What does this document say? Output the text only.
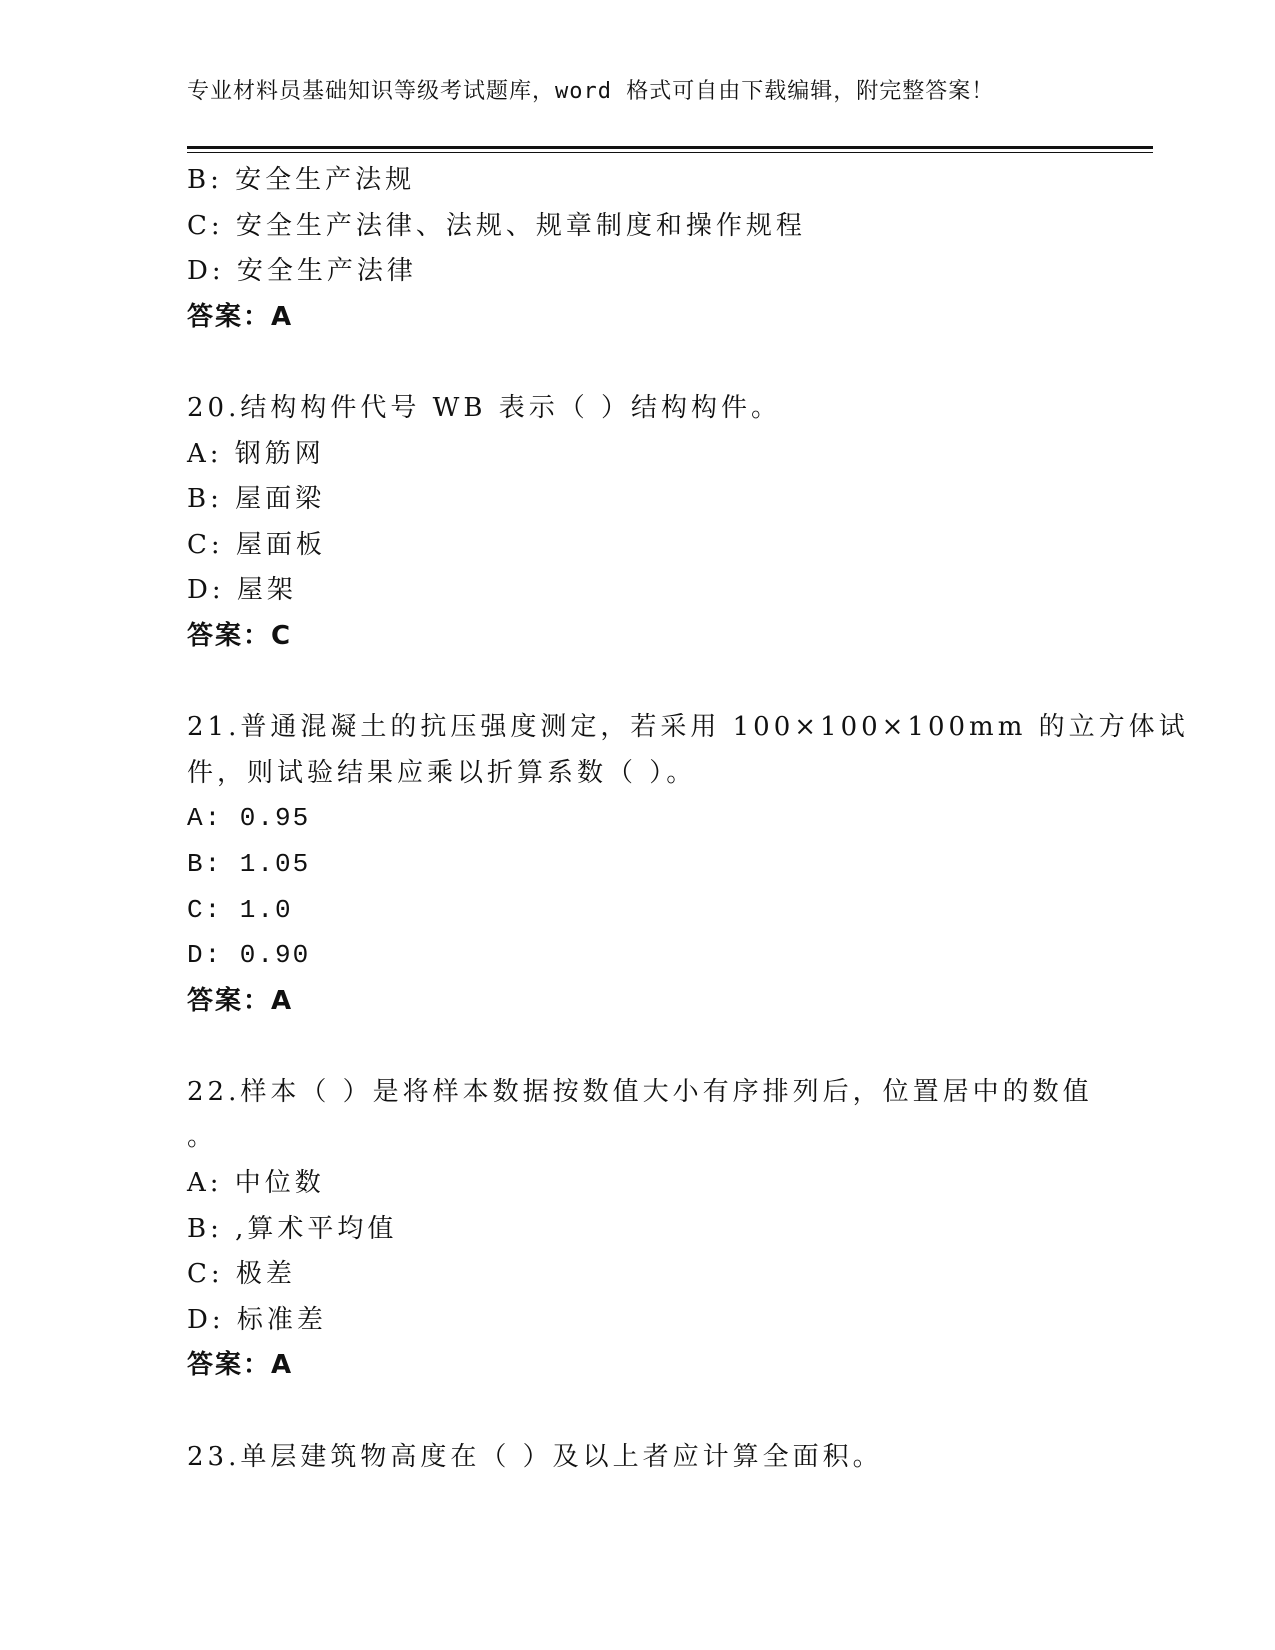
专业材料员基础知识等级考试题库，word 格式可自由下载编辑，附完整答案！
B: 安全生产法规
C: 安全生产法律、法规、规章制度和操作规程
D: 安全生产法律
答案：A
20.结构构件代号 WB 表示（ ）结构构件。
A: 钢筋网
B: 屋面梁
C: 屋面板
D: 屋架
答案：C
21.普通混凝土的抗压强度测定，若采用 100×100×100mm 的立方体试
件，则试验结果应乘以折算系数（ ）。
A: 0.95
B: 1.05
C: 1.0
D: 0.90
答案：A
22.样本（ ）是将样本数据按数值大小有序排列后，位置居中的数值
。
A: 中位数
B: ,算术平均值
C: 极差
D: 标准差
答案：A
23.单层建筑物高度在（ ）及以上者应计算全面积。
